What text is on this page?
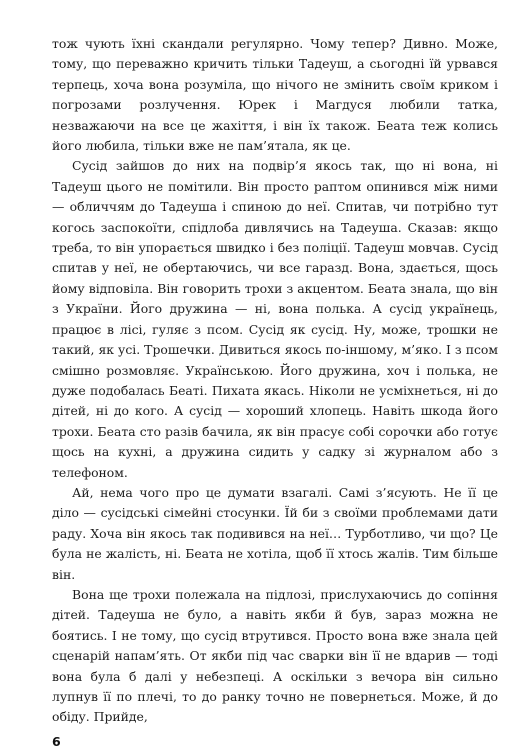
тож чують їхні скандали регулярно. Чому тепер? Дивно. Може, тому, що переважно кричить тільки Тадеуш, а сьогодні їй урвався терпець, хоча вона розуміла, що нічого не змінить своїм криком і погрозами розлучення. Юрек і Магдуся любили татка, незважаючи на все це жахіття, і він їх також. Беата теж колись його любила, тільки вже не пам’ятала, як це.

Сусід зайшов до них на подвір’я якось так, що ні вона, ні Тадеуш цього не помітили. Він просто раптом опинився між ними — обличчям до Тадеуша і спиною до неї. Спитав, чи потрібно тут когось заспокоїти, спідлоба дивлячись на Тадеуша. Сказав: якщо треба, то він упорається швидко і без поліції. Тадеуш мовчав. Сусід спитав у неї, не обертаючись, чи все гаразд. Вона, здається, щось йому відповіла. Він говорить трохи з акцентом. Беата знала, що він з України. Його дружина — ні, вона полька. А сусід українець, працює в лісі, гуляє з псом. Сусід як сусід. Ну, може, трошки не такий, як усі. Трошечки. Дивиться якось по-іншому, м’яко. І з псом смішно розмовляє. Українською. Його дружина, хоч і полька, не дуже подобалась Беаті. Пихата якась. Ніколи не усміхнеться, ні до дітей, ні до кого. А сусід — хороший хлопець. Навіть шкода його трохи. Беата сто разів бачила, як він прасує собі сорочки або готує щось на кухні, а дружина сидить у садку зі журналом або з телефоном.

Ай, нема чого про це думати взагалі. Самі з’ясують. Не її це діло — сусідські сімейні стосунки. Їй би з своїми проблемами дати раду. Хоча він якось так подивився на неї… Турботливо, чи що? Це була не жалість, ні. Беата не хотіла, щоб її хтось жалів. Тим більше він.

Вона ще трохи полежала на підлозі, прислухаючись до сопіння дітей. Тадеуша не було, а навіть якби й був, зараз можна не боятись. І не тому, що сусід втрутився. Просто вона вже знала цей сценарій напам’ять. От якби під час сварки він її не вдарив — тоді вона була б далі у небезпеці. А оскільки з вечора він сильно лупнув її по плечі, то до ранку точно не повернеться. Може, й до обіду. Прийде,

6
